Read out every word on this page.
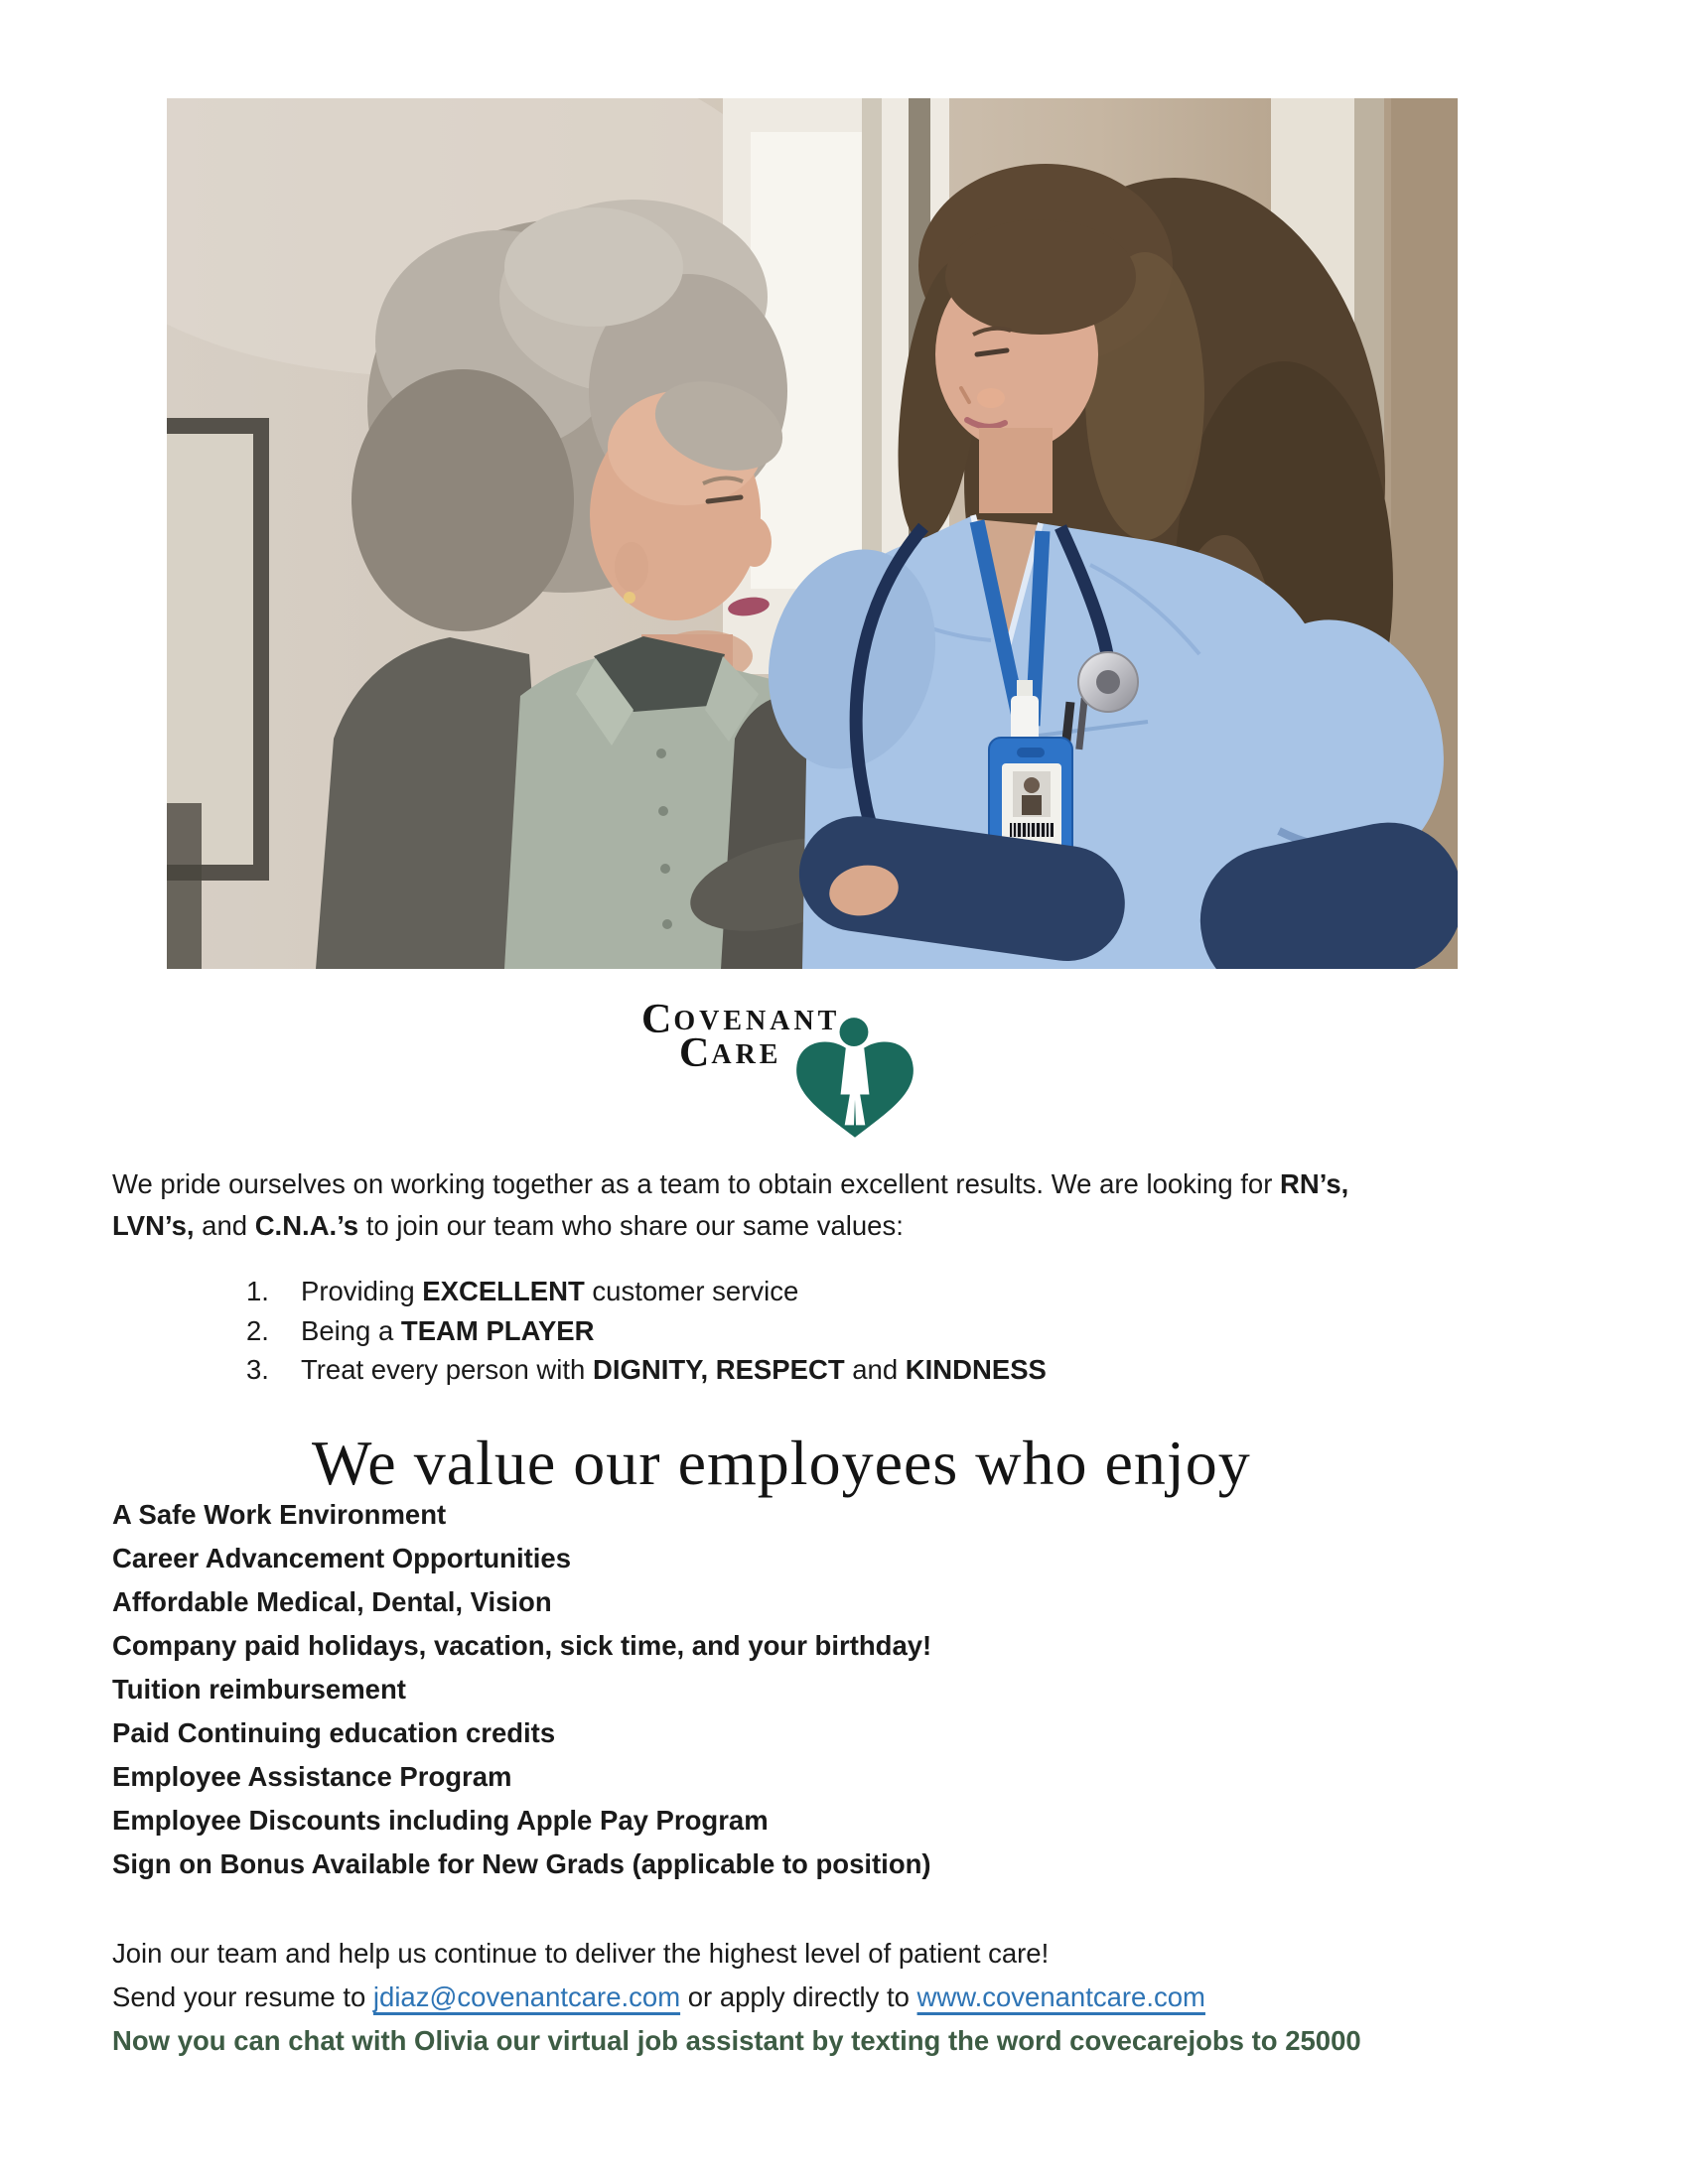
COVENANT
CARE
We pride ourselves on working together as a team to obtain excellent results. We are looking for RN’s,
LVN’s, and C.N.A.’s to join our team who share our same values:
1.	Providing EXCELLENT customer service
2.	Being a TEAM PLAYER
3.	Treat every person with DIGNITY, RESPECT and KINDNESS
We value our employees who enjoy
A Safe Work Environment
Career Advancement Opportunities
Affordable Medical, Dental, Vision
Company paid holidays, vacation, sick time, and your birthday!
Tuition reimbursement
Paid Continuing education credits
Employee Assistance Program
Employee Discounts including Apple Pay Program
Sign on Bonus Available for New Grads (applicable to position)
Join our team and help us continue to deliver the highest level of patient care!
Send your resume to jdiaz@covenantcare.com or apply directly to www.covenantcare.com
Now you can chat with Olivia our virtual job assistant by texting the word covecarejobs to 25000
